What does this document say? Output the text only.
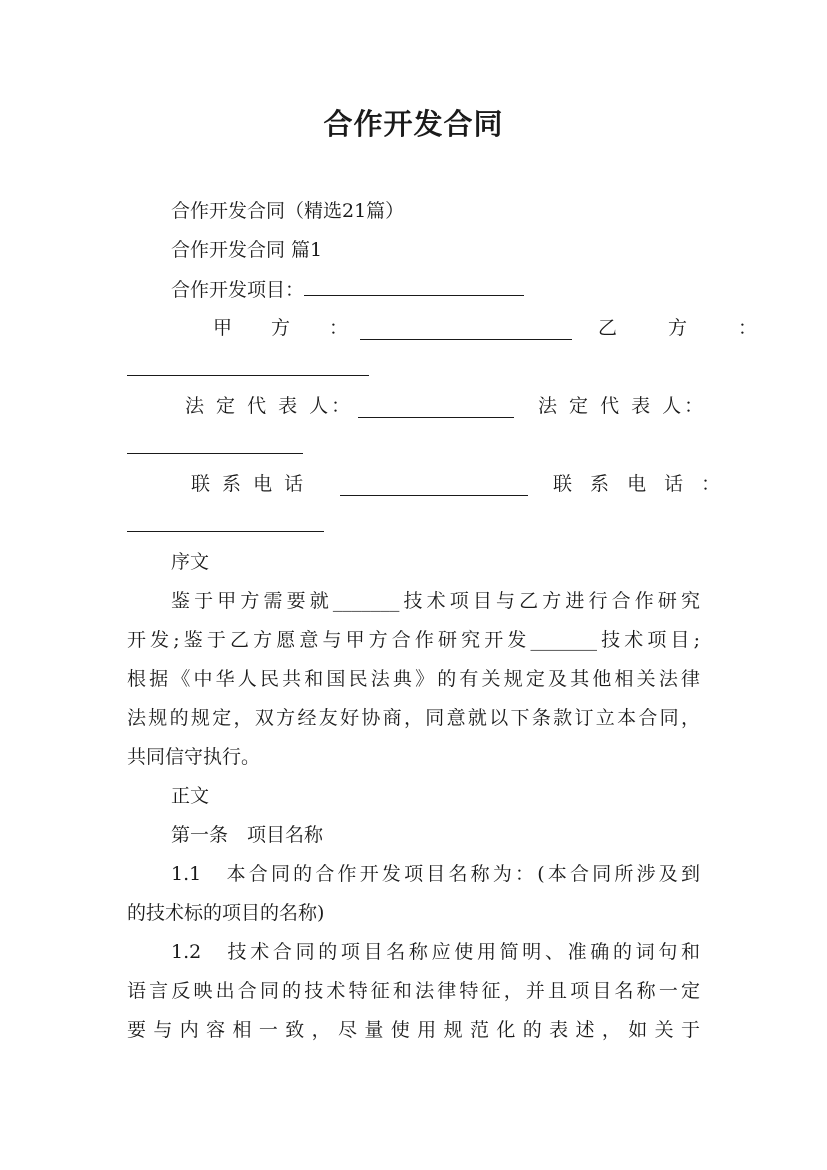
合作开发合同
合作开发合同（精选21篇）
合作开发合同 篇1
合作开发项目：
甲　方　：	乙　方　：
法 定 代 表 人：	法 定 代 表 人：
联 系 电 话	联 系 电 话 ：
序文
鉴于甲方需要就_______技术项目与乙方进行合作研究
开发;鉴于乙方愿意与甲方合作研究开发_______技术项目;
根据《中华人民共和国民法典》的有关规定及其他相关法律
法规的规定，双方经友好协商，同意就以下条款订立本合同，
共同信守执行。
正文
第一条　项目名称
1.1　本合同的合作开发项目名称为：(本合同所涉及到
的技术标的项目的名称)
1.2　技术合同的项目名称应使用简明、准确的词句和
语言反映出合同的技术特征和法律特征，并且项目名称一定
要与内容相一致，尽量使用规范化的表述，如关于
